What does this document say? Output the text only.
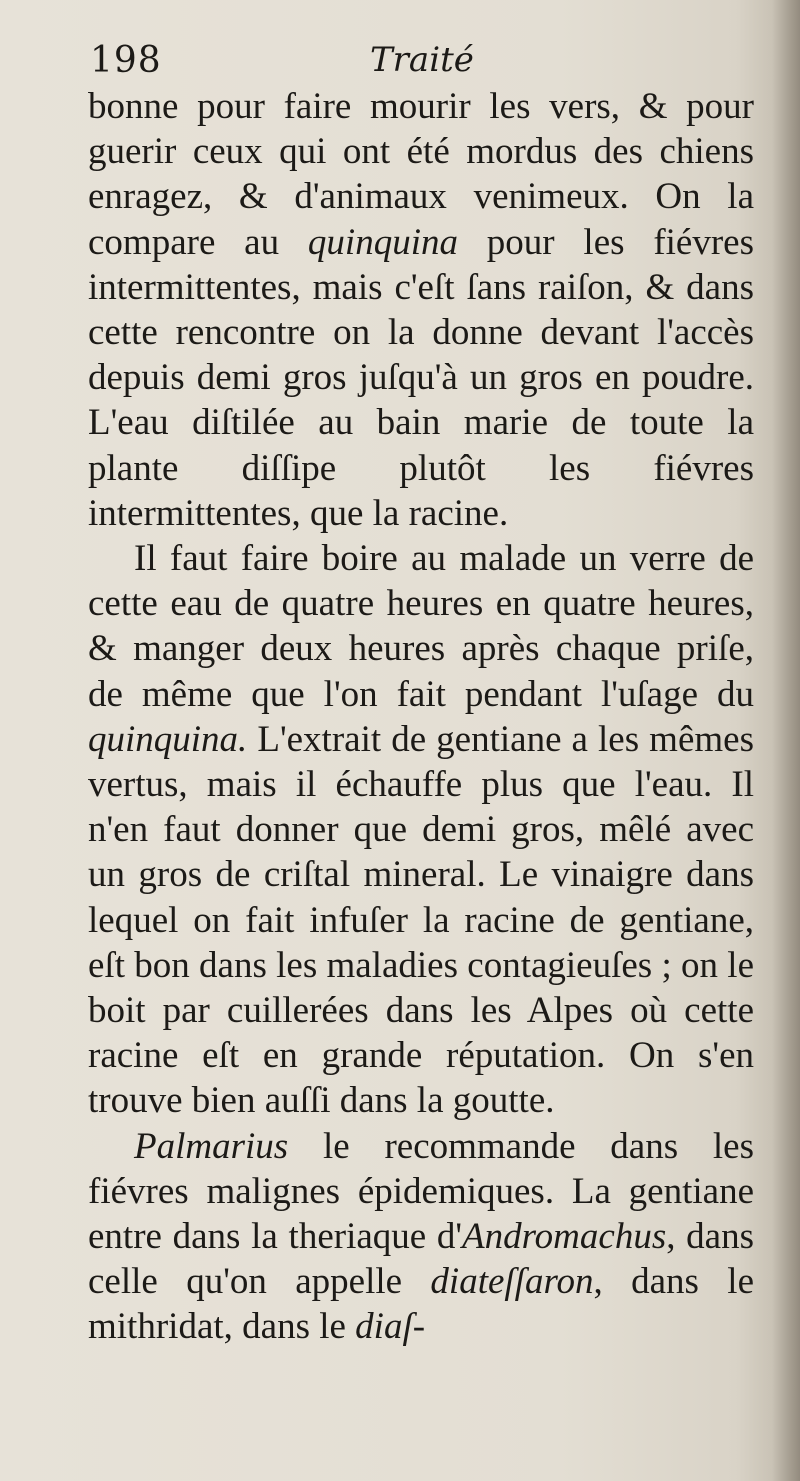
198	Traité

bonne pour faire mourir les vers, & pour guerir ceux qui ont été mordus des chiens enragez, & d'animaux venimeux. On la compare au quinquina pour les fiévres intermittentes, mais c'eſt ſans raiſon, & dans cette rencontre on la donne devant l'accès depuis demi gros juſqu'à un gros en poudre. L'eau diſtilée au bain marie de toute la plante diſſipe plutôt les fiévres intermittentes, que la racine.

Il faut faire boire au malade un verre de cette eau de quatre heures en quatre heures, & manger deux heures après chaque priſe, de même que l'on fait pendant l'uſage du quinquina. L'extrait de gentiane a les mêmes vertus, mais il échauffe plus que l'eau. Il n'en faut donner que demi gros, mêlé avec un gros de criſtal mineral. Le vinaigre dans lequel on fait infuſer la racine de gentiane, eſt bon dans les maladies contagieuſes ; on le boit par cuillerées dans les Alpes où cette racine eſt en grande réputation. On s'en trouve bien auſſi dans la goutte.

Palmarius le recommande dans les fiévres malignes épidemiques. La gentiane entre dans la theriaque d'Andromachus, dans celle qu'on appelle diateſſaron, dans le mithridat, dans le diaſ-
